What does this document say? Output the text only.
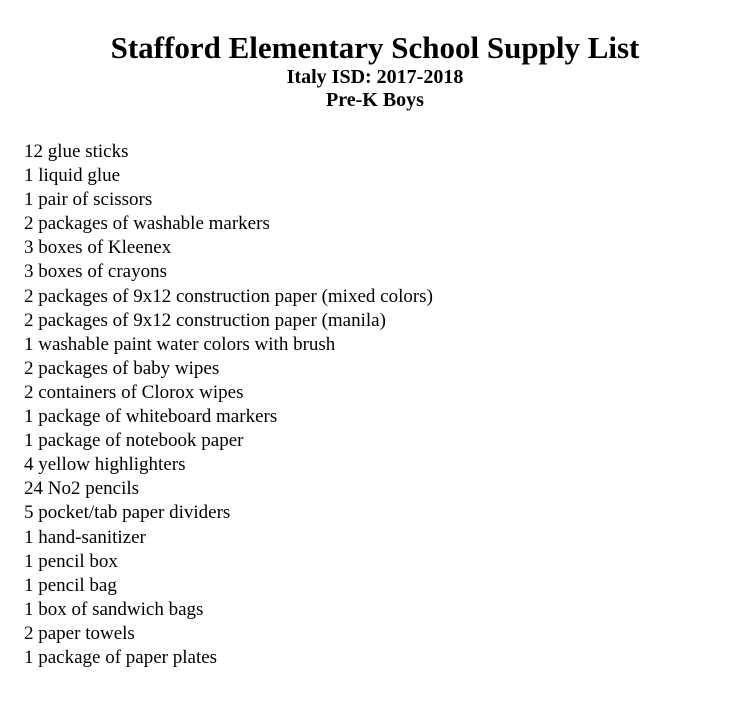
Stafford Elementary School Supply List
Italy ISD: 2017-2018
Pre-K Boys
12 glue sticks
1 liquid glue
1 pair of scissors
2 packages of washable markers
3 boxes of Kleenex
3 boxes of crayons
2 packages of 9x12 construction paper (mixed colors)
2 packages of 9x12 construction paper (manila)
1 washable paint water colors with brush
2 packages of baby wipes
2 containers of Clorox wipes
1 package of whiteboard markers
1 package of notebook paper
4 yellow highlighters
24 No2 pencils
5 pocket/tab paper dividers
1 hand-sanitizer
1 pencil box
1 pencil bag
1 box of sandwich bags
2 paper towels
1 package of paper plates
